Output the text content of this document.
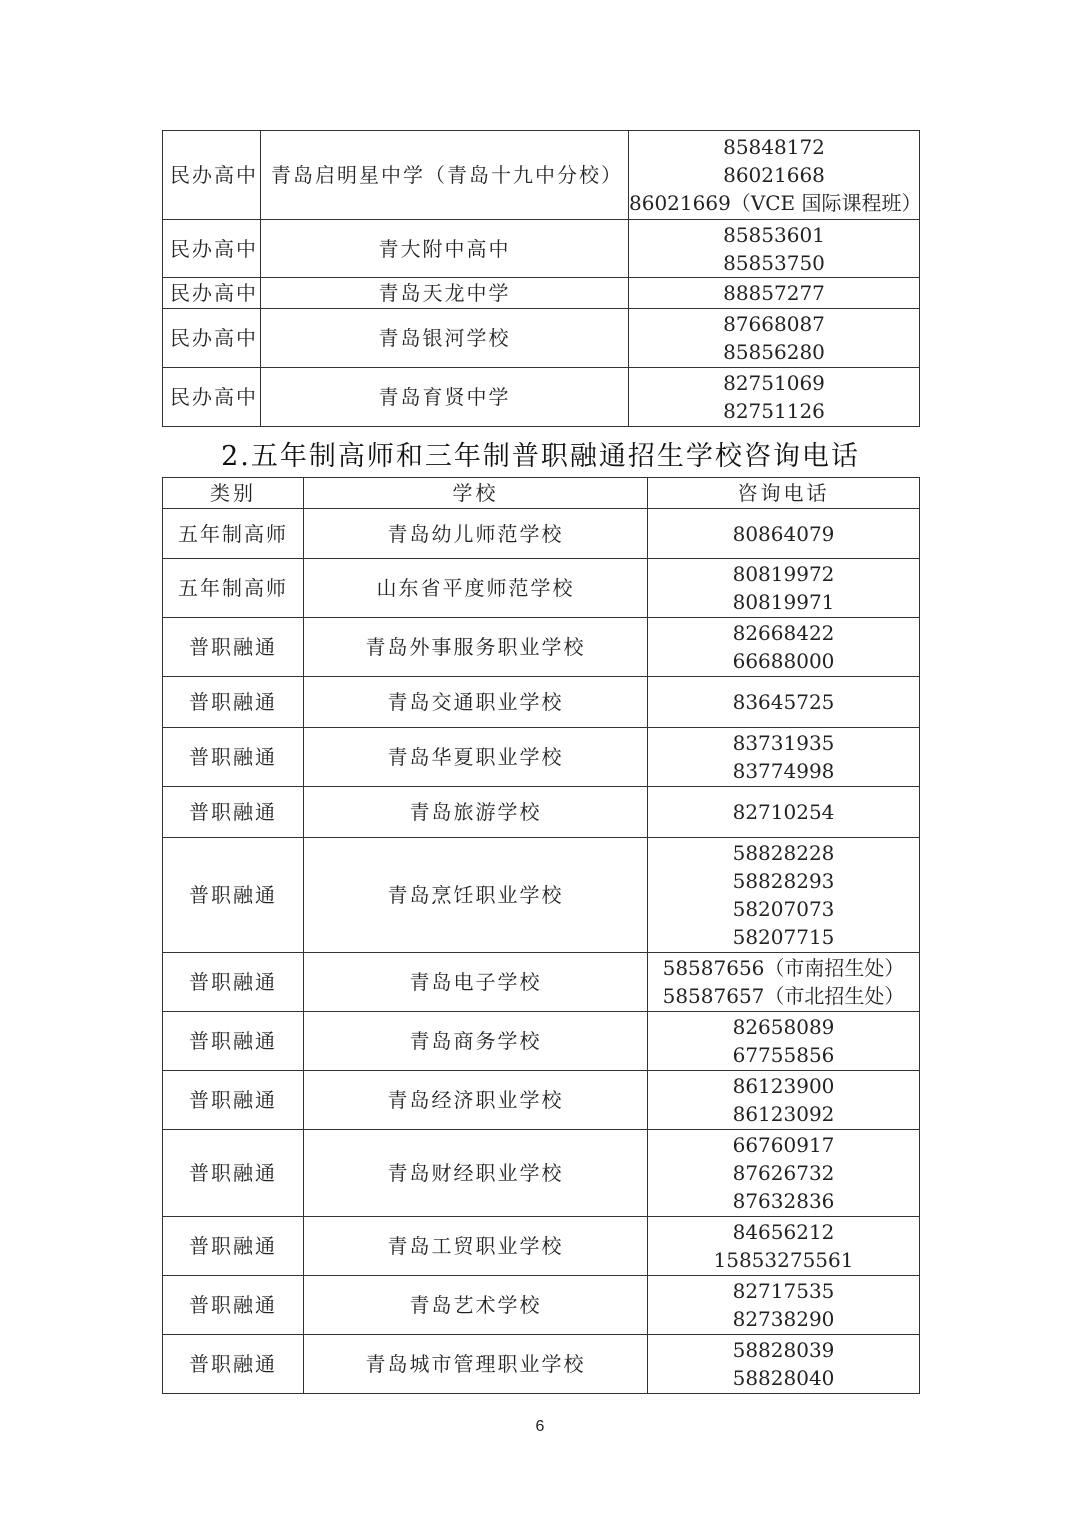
民办高中	青岛启明星中学（青岛十九中分校）	85848172
86021668
86021669（VCE 国际课程班）

民办高中	青大附中高中	85853601
85853750

民办高中	青岛天龙中学	88857277

民办高中	青岛银河学校	87668087
85856280

民办高中	青岛育贤中学	82751069
82751126
2.五年制高师和三年制普职融通招生学校咨询电话
类别	学校	咨询电话
五年制高师	青岛幼儿师范学校	80864079

五年制高师	山东省平度师范学校	80819972
80819971

普职融通	青岛外事服务职业学校	82668422
66688000

普职融通	青岛交通职业学校	83645725

普职融通	青岛华夏职业学校	83731935
83774998

普职融通	青岛旅游学校	82710254

普职融通	青岛烹饪职业学校	58828228
58828293
58207073
58207715

普职融通	青岛电子学校	58587656（市南招生处）
58587657（市北招生处）

普职融通	青岛商务学校	82658089
67755856

普职融通	青岛经济职业学校	86123900
86123092

普职融通	青岛财经职业学校	66760917
87626732
87632836

普职融通	青岛工贸职业学校	84656212
15853275561

普职融通	青岛艺术学校	82717535
82738290

普职融通	青岛城市管理职业学校	58828039
58828040
6
